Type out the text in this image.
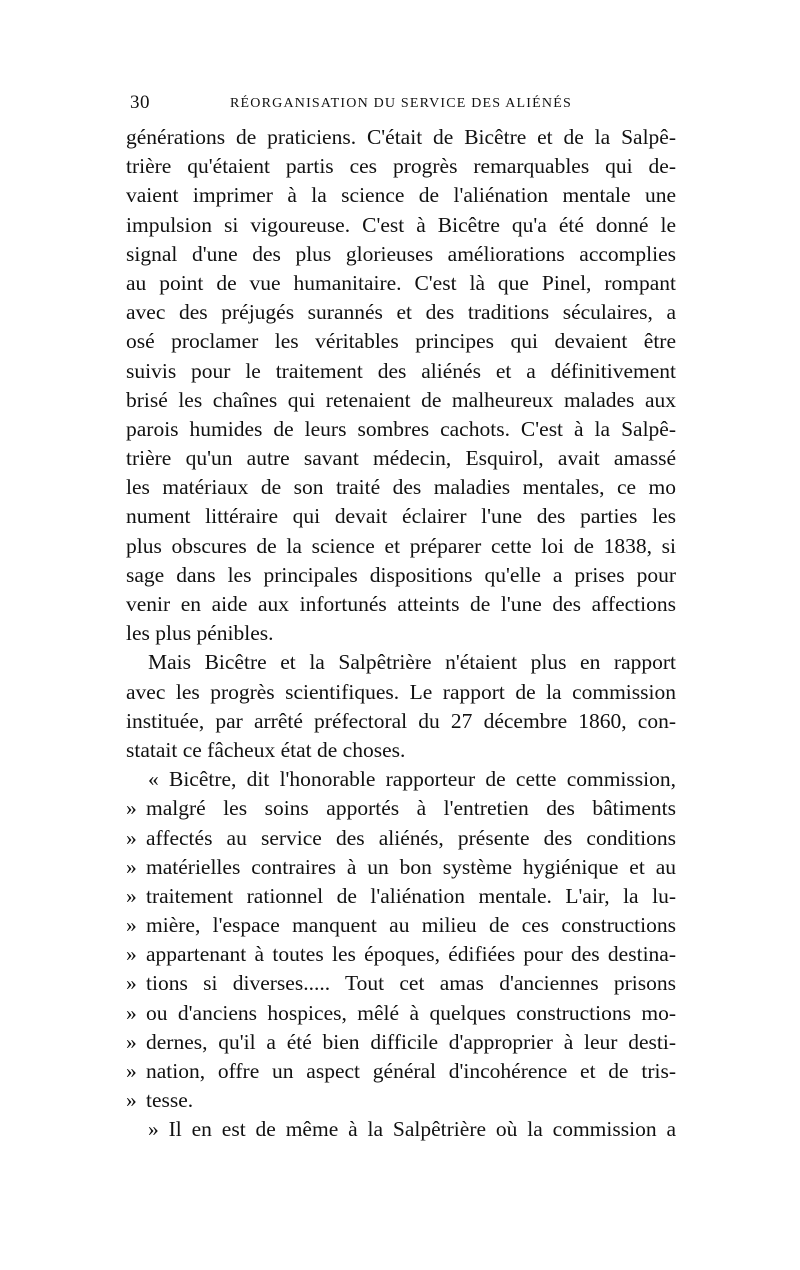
30	RÉORGANISATION DU SERVICE DES ALIÉNÉS
générations de praticiens. C'était de Bicêtre et de la Salpê-
trière qu'étaient partis ces progrès remarquables qui de-
vaient imprimer à la science de l'aliénation mentale une
impulsion si vigoureuse. C'est à Bicêtre qu'a été donné le
signal d'une des plus glorieuses améliorations accomplies
au point de vue humanitaire. C'est là que Pinel, rompant
avec des préjugés surannés et des traditions séculaires, a
osé proclamer les véritables principes qui devaient être
suivis pour le traitement des aliénés et a définitivement
brisé les chaînes qui retenaient de malheureux malades aux
parois humides de leurs sombres cachots. C'est à la Salpê-
trière qu'un autre savant médecin, Esquirol, avait amassé
les matériaux de son traité des maladies mentales, ce mo
nument littéraire qui devait éclairer l'une des parties les
plus obscures de la science et préparer cette loi de 1838, si
sage dans les principales dispositions qu'elle a prises pour
venir en aide aux infortunés atteints de l'une des affections
les plus pénibles.
Mais Bicêtre et la Salpêtrière n'étaient plus en rapport
avec les progrès scientifiques. Le rapport de la commission
instituée, par arrêté préfectoral du 27 décembre 1860, con-
statait ce fâcheux état de choses.
« Bicêtre, dit l'honorable rapporteur de cette commission,
» malgré les soins apportés à l'entretien des bâtiments
» affectés au service des aliénés, présente des conditions
» matérielles contraires à un bon système hygiénique et au
» traitement rationnel de l'aliénation mentale. L'air, la lu-
» mière, l'espace manquent au milieu de ces constructions
» appartenant à toutes les époques, édifiées pour des destina-
» tions si diverses..... Tout cet amas d'anciennes prisons
» ou d'anciens hospices, mêlé à quelques constructions mo-
» dernes, qu'il a été bien difficile d'approprier à leur desti-
» nation, offre un aspect général d'incohérence et de tris-
» tesse.
» Il en est de même à la Salpêtrière où la commission a
